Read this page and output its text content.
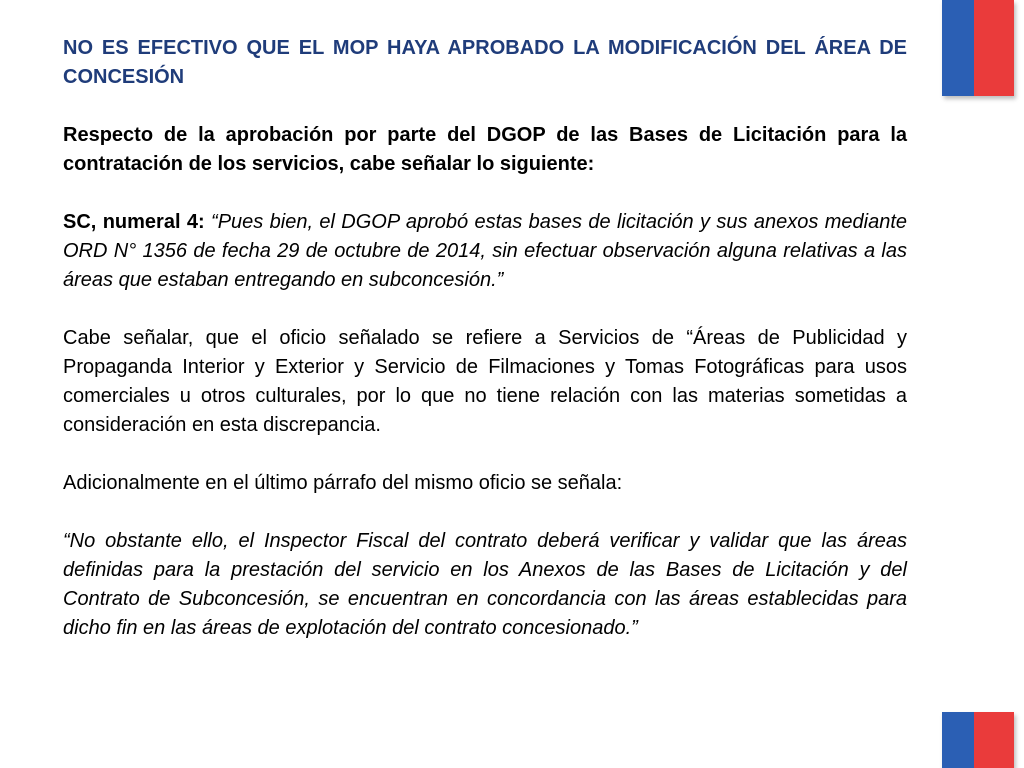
NO ES EFECTIVO QUE EL MOP HAYA APROBADO LA MODIFICACIÓN DEL ÁREA DE CONCESIÓN

Respecto de la aprobación por parte del DGOP de las Bases de Licitación para la contratación de los servicios, cabe señalar lo siguiente:

SC, numeral 4: “Pues bien, el DGOP aprobó estas bases de licitación y sus anexos mediante ORD N° 1356 de fecha 29 de octubre de 2014, sin efectuar observación alguna relativas a las áreas que estaban entregando en subconcesión.”

Cabe señalar, que el oficio señalado se refiere a Servicios de “Áreas de Publicidad y Propaganda Interior y Exterior y Servicio de Filmaciones y Tomas Fotográficas para usos comerciales u otros culturales, por lo que no tiene relación con las materias sometidas a consideración en esta discrepancia.

Adicionalmente en el último párrafo del mismo oficio se señala:

“No obstante ello, el Inspector Fiscal del contrato deberá verificar y validar que las áreas definidas para la prestación del servicio en los Anexos de las Bases de Licitación y del Contrato de Subconcesión, se encuentran en concordancia con las áreas establecidas para dicho fin en las áreas de explotación del contrato concesionado.”
